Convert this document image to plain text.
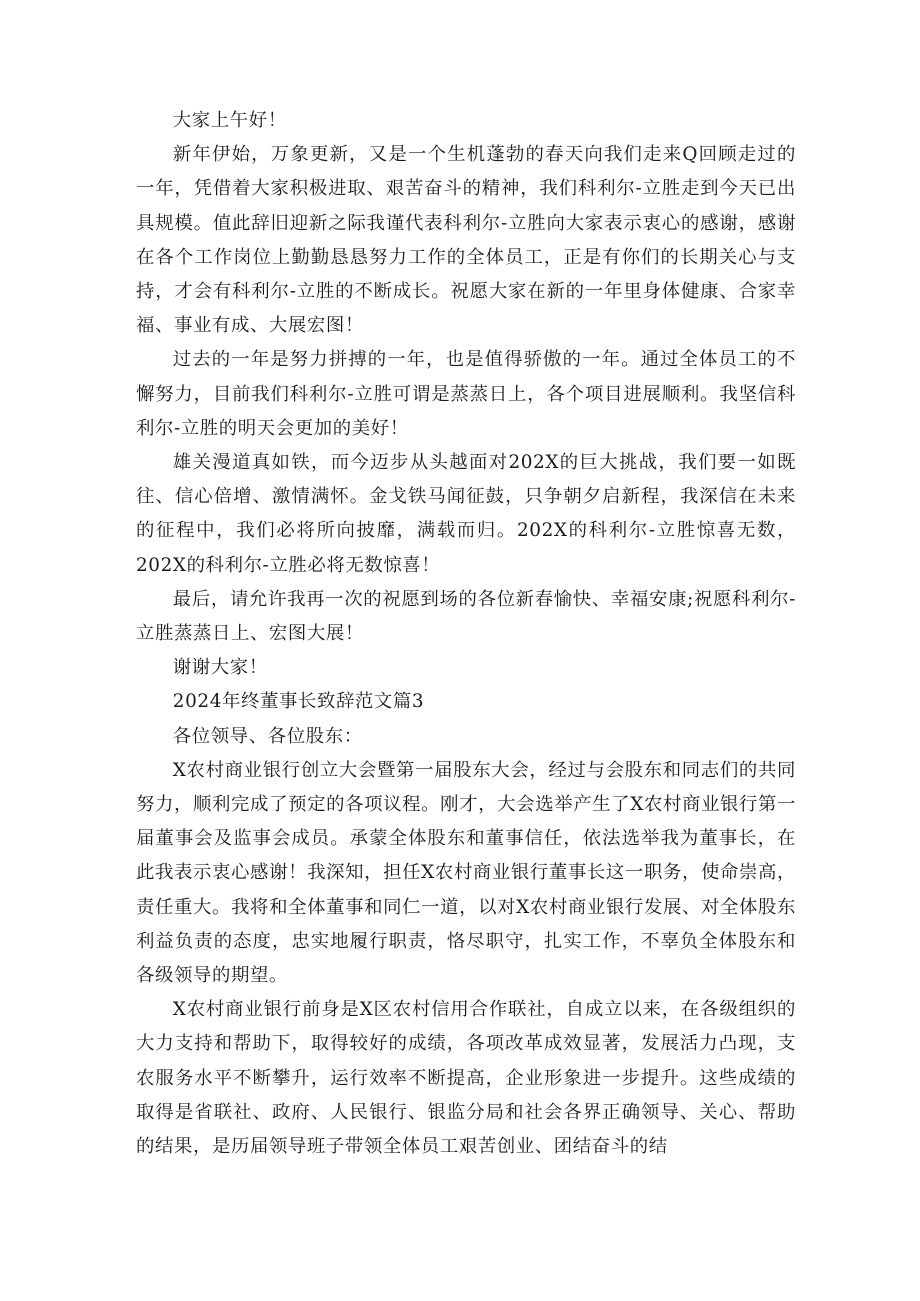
大家上午好！

新年伊始，万象更新，又是一个生机蓬勃的春天向我们走来Q回顾走过的一年，凭借着大家积极进取、艰苦奋斗的精神，我们科利尔-立胜走到今天已出具规模。值此辞旧迎新之际我谨代表科利尔-立胜向大家表示衷心的感谢，感谢在各个工作岗位上勤勤恳恳努力工作的全体员工，正是有你们的长期关心与支持，才会有科利尔-立胜的不断成长。祝愿大家在新的一年里身体健康、合家幸福、事业有成、大展宏图！

过去的一年是努力拼搏的一年，也是值得骄傲的一年。通过全体员工的不懈努力，目前我们科利尔-立胜可谓是蒸蒸日上，各个项目进展顺利。我坚信科利尔-立胜的明天会更加的美好！

雄关漫道真如铁，而今迈步从头越面对202X的巨大挑战，我们要一如既往、信心倍增、激情满怀。金戈铁马闻征鼓，只争朝夕启新程，我深信在未来的征程中，我们必将所向披靡，满载而归。202X的科利尔-立胜惊喜无数，202X的科利尔-立胜必将无数惊喜！

最后，请允许我再一次的祝愿到场的各位新春愉快、幸福安康;祝愿科利尔-立胜蒸蒸日上、宏图大展！

谢谢大家！

2024年终董事长致辞范文篇3

各位领导、各位股东：

X农村商业银行创立大会暨第一届股东大会，经过与会股东和同志们的共同努力，顺利完成了预定的各项议程。刚才，大会选举产生了X农村商业银行第一届董事会及监事会成员。承蒙全体股东和董事信任，依法选举我为董事长，在此我表示衷心感谢！我深知，担任X农村商业银行董事长这一职务，使命崇高，责任重大。我将和全体董事和同仁一道，以对X农村商业银行发展、对全体股东利益负责的态度，忠实地履行职责，恪尽职守，扎实工作，不辜负全体股东和各级领导的期望。

X农村商业银行前身是X区农村信用合作联社，自成立以来，在各级组织的大力支持和帮助下，取得较好的成绩，各项改革成效显著，发展活力凸现，支农服务水平不断攀升，运行效率不断提高，企业形象进一步提升。这些成绩的取得是省联社、政府、人民银行、银监分局和社会各界正确领导、关心、帮助的结果，是历届领导班子带领全体员工艰苦创业、团结奋斗的结
